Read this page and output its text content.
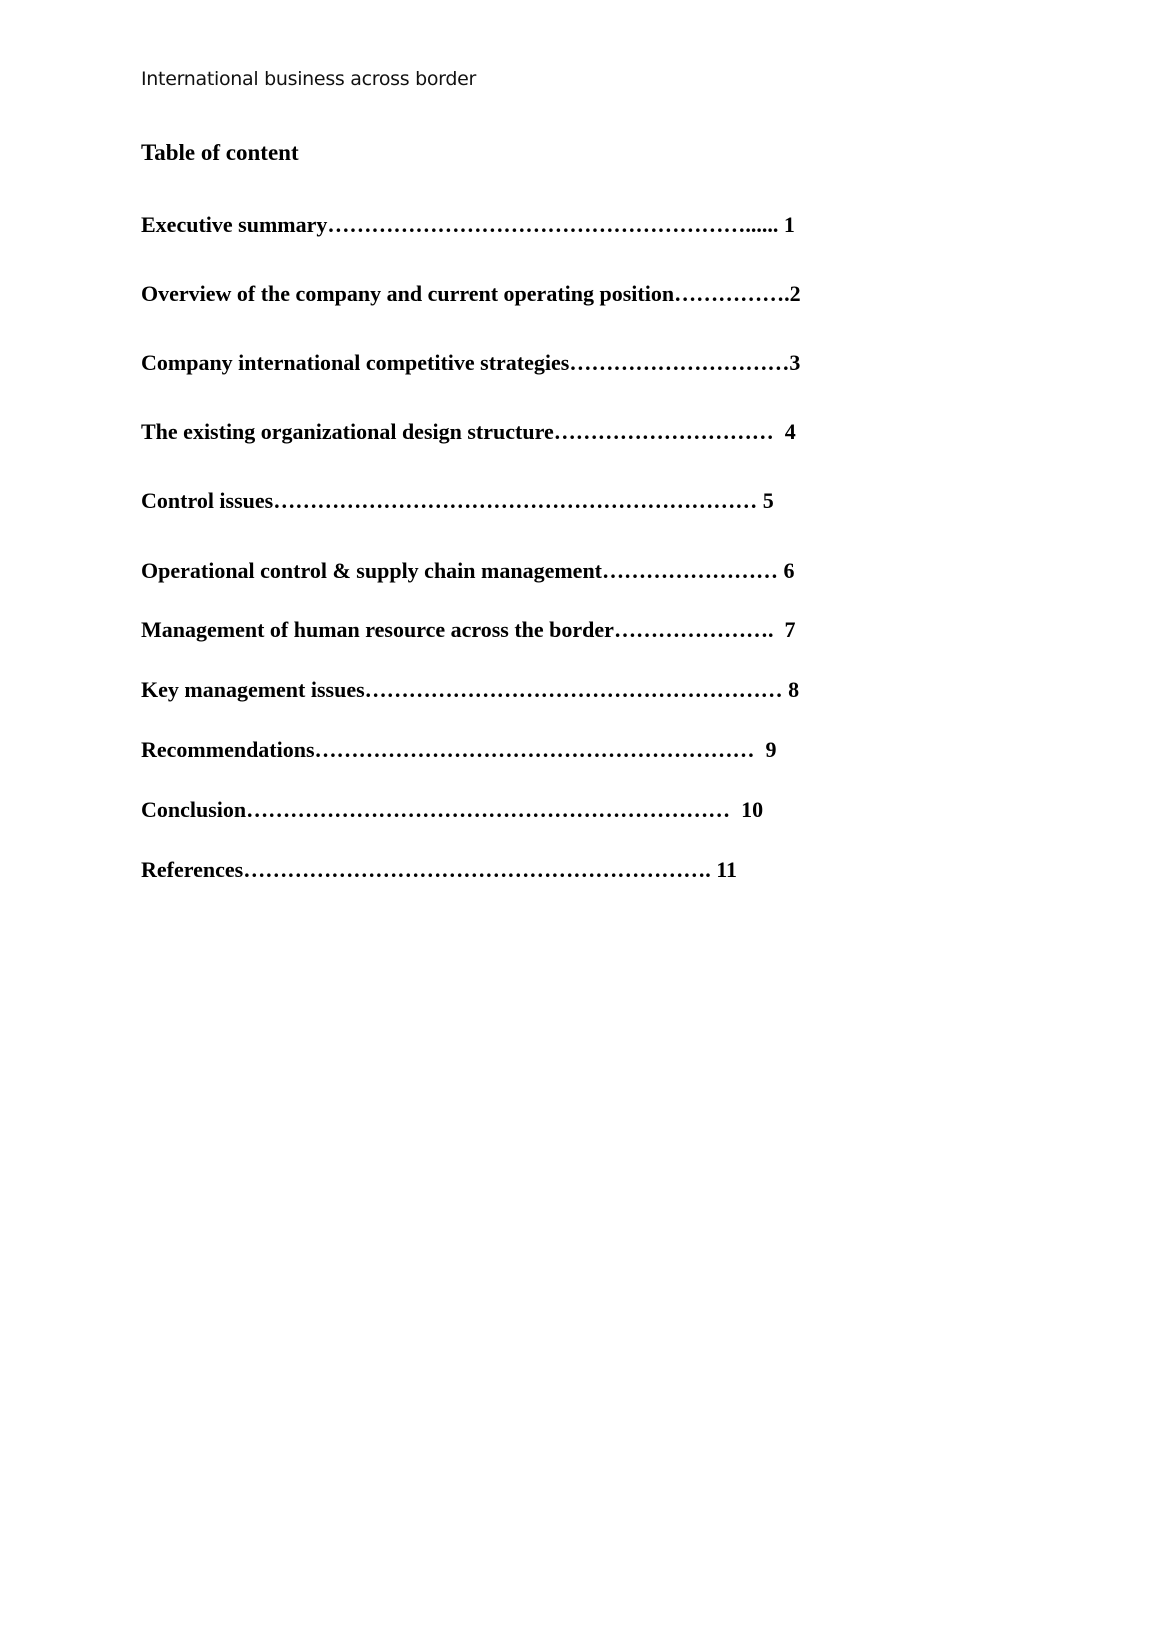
International business across border
Table of content
Executive summary…………………………………………………...... 1
Overview of the company and current operating position…………….2
Company international competitive strategies…………………………3
The existing organizational design structure…………………………  4
Control issues………………………………………………………… 5
Operational control & supply chain management…………………… 6
Management of human resource across the border………………….  7
Key management issues………………………………………………… 8
Recommendations……………………………………………………  9
Conclusion…………………………………………………………  10
References………………………………………………………. 11
